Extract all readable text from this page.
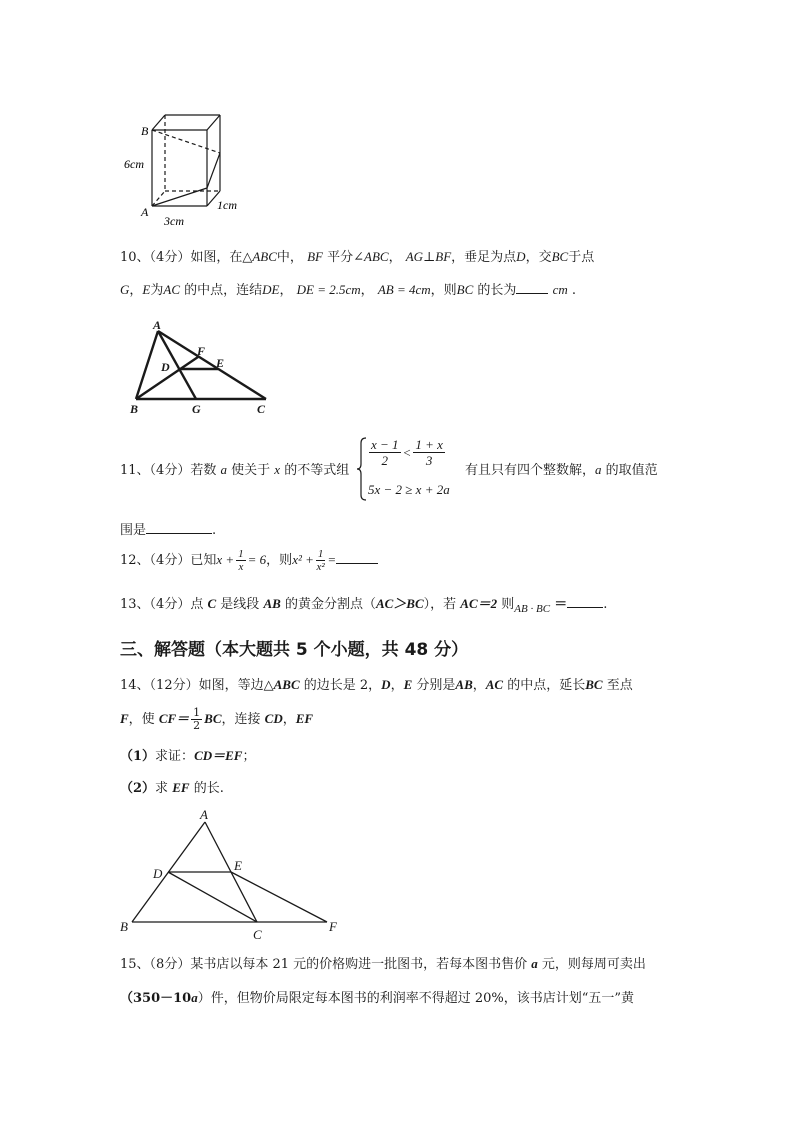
B
A
6cm
3cm
1cm
10、（4分）如图，在△ABC中， BF 平分∠ABC， AG⊥BF，垂足为点D，交BC于点
G，E为AC 的中点，连结DE， DE = 2.5cm， AB = 4cm，则BC 的长为	cm .
A
B	C
D	E
F
G
11、（4分）若数 a 使关于 x 的不等式组
$\frac{x - 1}{2} < \frac{1 + x}{3}$
5x − 2 ≥ x + 2a
有且只有四个整数解，a 的取值范
围是	.
12、（4分）已知$x + \frac{1}{x} = 6$，则$x^2 + \frac{1}{\text{x²}}$ =
13、（4分）点 C 是线段 AB 的黄金分割点（AC＞BC），若 AC＝2 则$_{AB \cdot BC}$ ＝	.
三、解答题（本大题共 5 个小题，共 48 分）
14、（12分）如图，等边△ABC 的边长是 2，D，E 分别是AB，AC 的中点，延长BC 至点
F，使 $CF= \frac{1}{2}$ BC，连接 CD，EF
（1）求证：CD＝EF；
（2）求 EF 的长.
A
B
C
D
E
F
15、（8分）某书店以每本 21 元的价格购进一批图书，若每本图书售价 a 元，则每周可卖出
（350－10a）件，但物价局限定每本图书的利润率不得超过 20%，该书店计划“五一”黄
